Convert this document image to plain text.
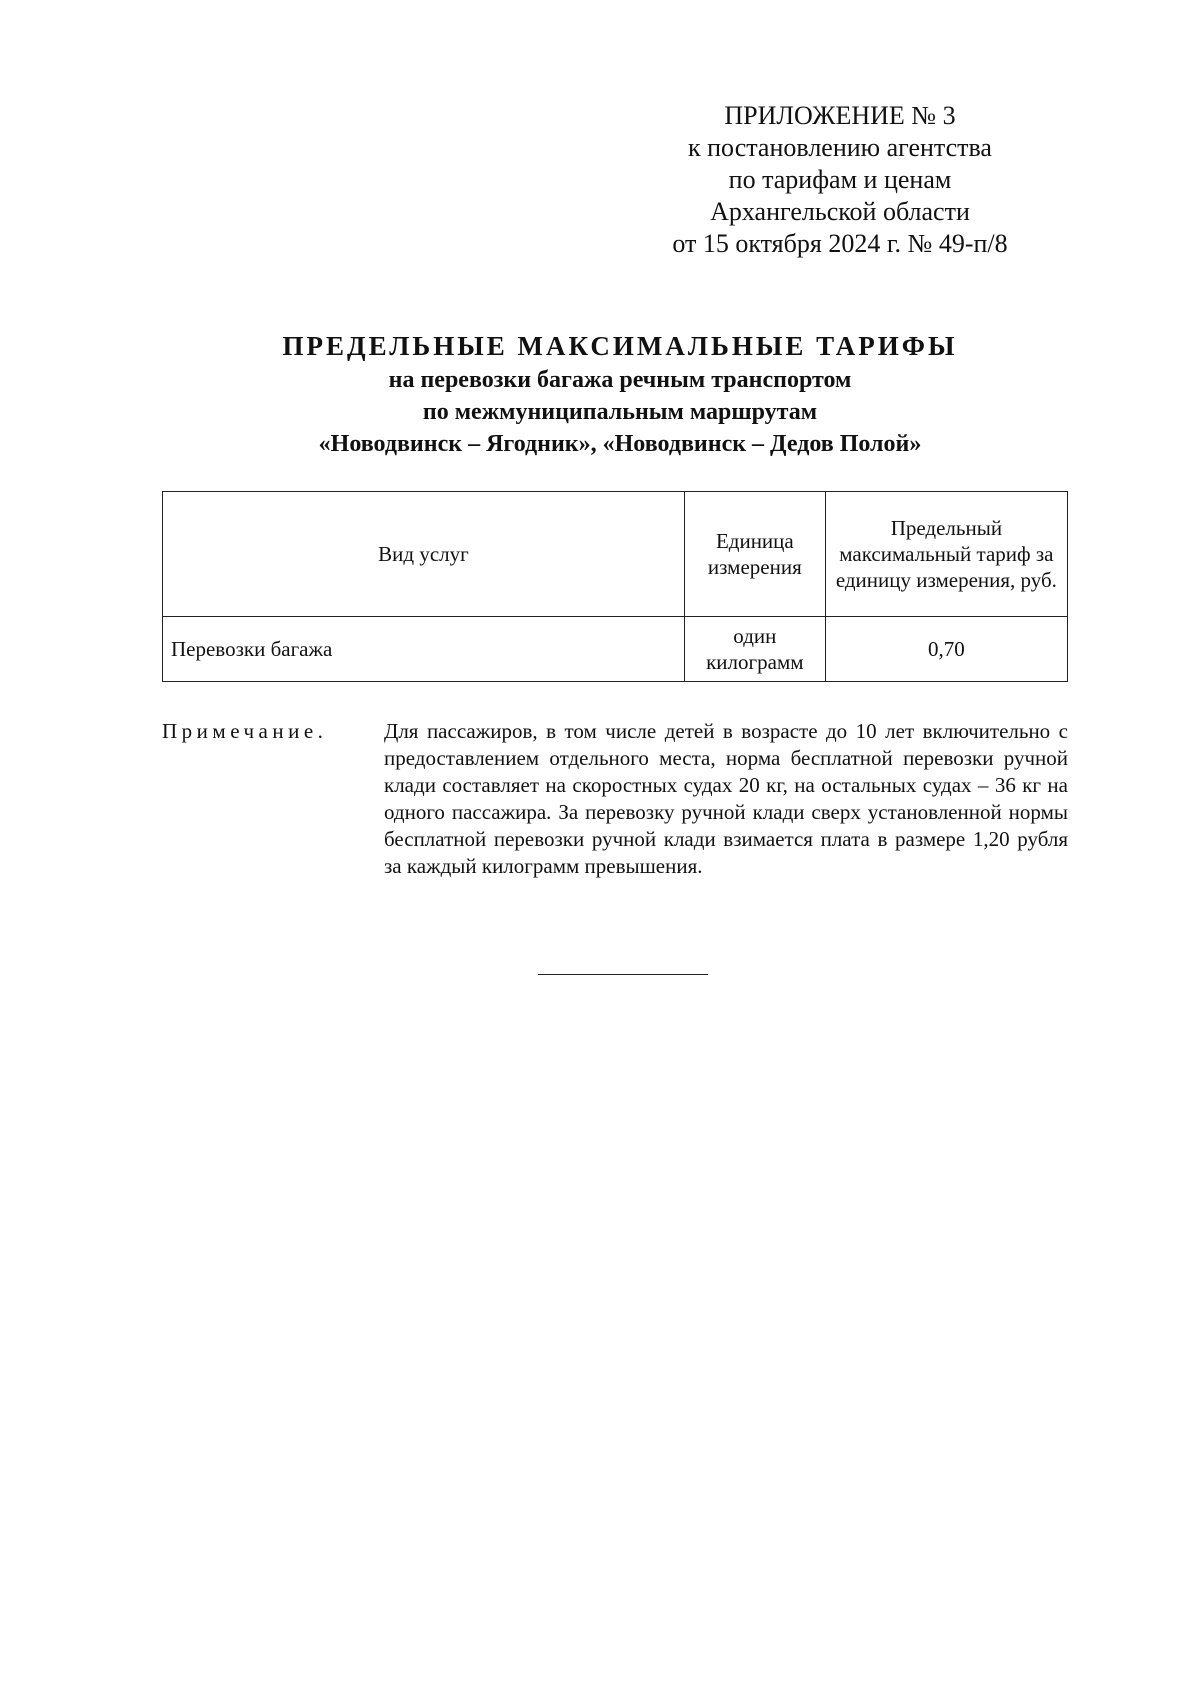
ПРИЛОЖЕНИЕ № 3
к постановлению агентства
по тарифам и ценам
Архангельской области
от 15 октября 2024 г. № 49-п/8
ПРЕДЕЛЬНЫЕ МАКСИМАЛЬНЫЕ ТАРИФЫ
на перевозки багажа речным транспортом
по межмуниципальным маршрутам
«Новодвинск – Ягодник», «Новодвинск – Дедов Полой»
Вид услуг	Единица измерения	Предельный максимальный тариф за единицу измерения, руб.
Перевозки багажа	один килограмм	0,70
Примечание.	Для пассажиров, в том числе детей в возрасте до 10 лет включительно с предоставлением отдельного места, норма бесплатной перевозки ручной клади составляет на скоростных судах 20 кг, на остальных судах – 36 кг на одного пассажира. За перевозку ручной клади сверх установленной нормы бесплатной перевозки ручной клади взимается плата в размере 1,20 рубля за каждый килограмм превышения.
